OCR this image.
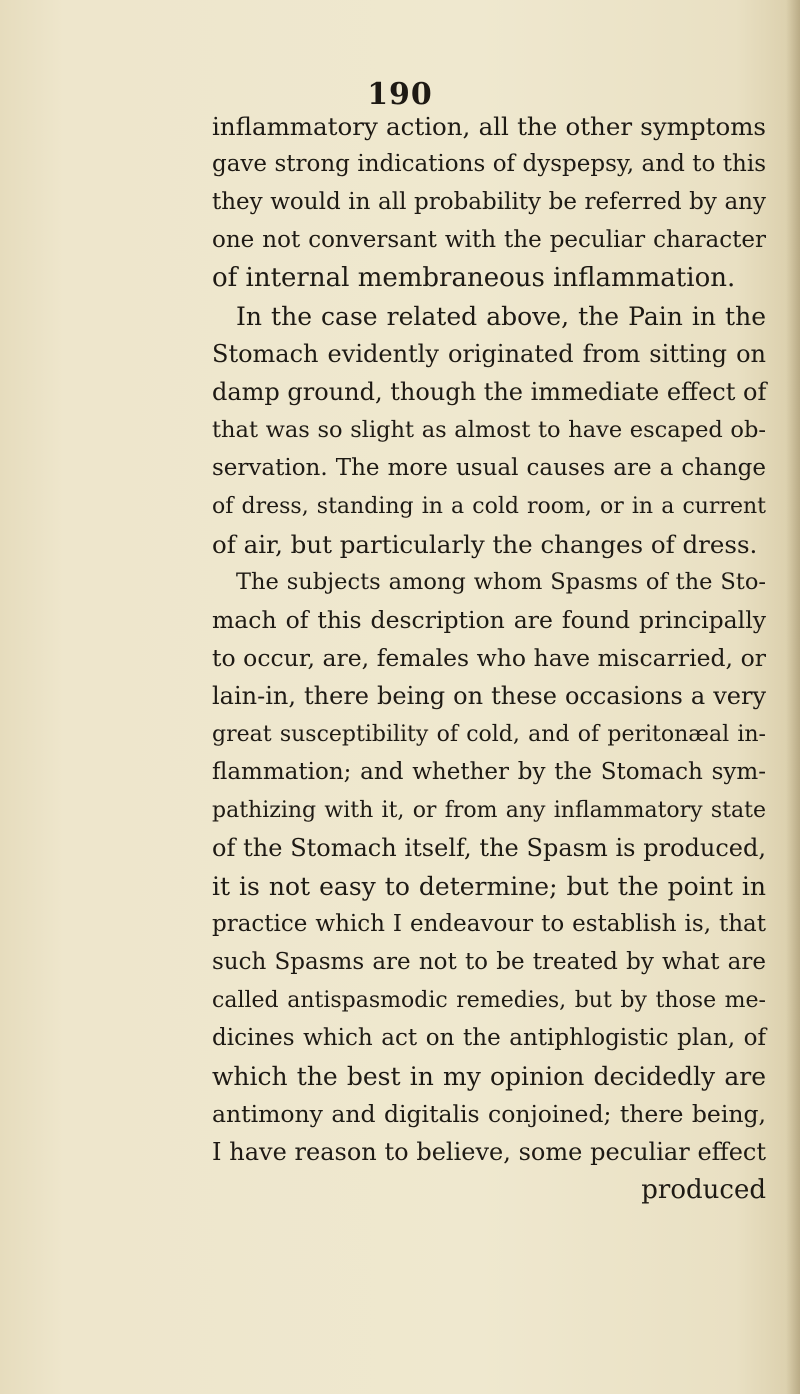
190
inflammatory action, all the other symptoms
gave strong indications of dyspepsy, and to this
they would in all probability be referred by any
one not conversant with the peculiar character
of internal membraneous inflammation.
In the case related above, the Pain in the
Stomach evidently originated from sitting on
damp ground, though the immediate effect of
that was so slight as almost to have escaped ob-
servation. The more usual causes are a change
of dress, standing in a cold room, or in a current
of air, but particularly the changes of dress.
The subjects among whom Spasms of the Sto-
mach of this description are found principally
to occur, are, females who have miscarried, or
lain-in, there being on these occasions a very
great susceptibility of cold, and of peritonæal in-
flammation; and whether by the Stomach sym-
pathizing with it, or from any inflammatory state
of the Stomach itself, the Spasm is produced,
it is not easy to determine; but the point in
practice which I endeavour to establish is, that
such Spasms are not to be treated by what are
called antispasmodic remedies, but by those me-
dicines which act on the antiphlogistic plan, of
which the best in my opinion decidedly are
antimony and digitalis conjoined; there being,
I have reason to believe, some peculiar effect
produced
